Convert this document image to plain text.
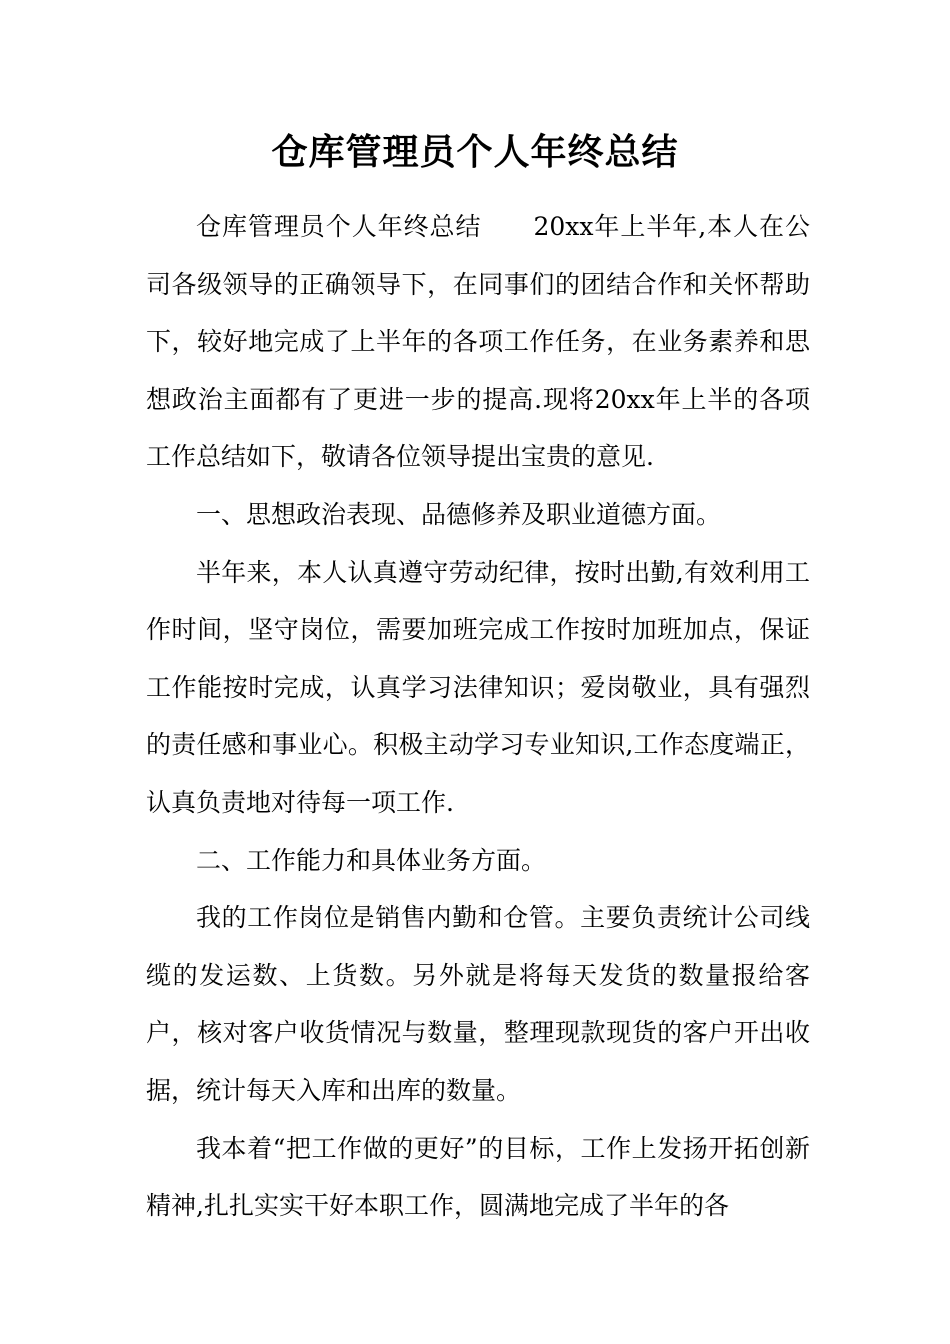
仓库管理员个人年终总结

仓库管理员个人年终总结 20xx年上半年,本人在公司各级领导的正确领导下，在同事们的团结合作和关怀帮助下，较好地完成了上半年的各项工作任务，在业务素养和思想政治主面都有了更进一步的提高.现将20xx年上半的各项工作总结如下，敬请各位领导提出宝贵的意见.

一、思想政治表现、品德修养及职业道德方面。

半年来，本人认真遵守劳动纪律，按时出勤,有效利用工作时间，坚守岗位，需要加班完成工作按时加班加点，保证工作能按时完成，认真学习法律知识；爱岗敬业，具有强烈的责任感和事业心。积极主动学习专业知识,工作态度端正，认真负责地对待每一项工作.

二、工作能力和具体业务方面。

我的工作岗位是销售内勤和仓管。主要负责统计公司线缆的发运数、上货数。另外就是将每天发货的数量报给客户，核对客户收货情况与数量，整理现款现货的客户开出收据，统计每天入库和出库的数量。

我本着“把工作做的更好”的目标，工作上发扬开拓创新精神,扎扎实实干好本职工作，圆满地完成了半年的各
